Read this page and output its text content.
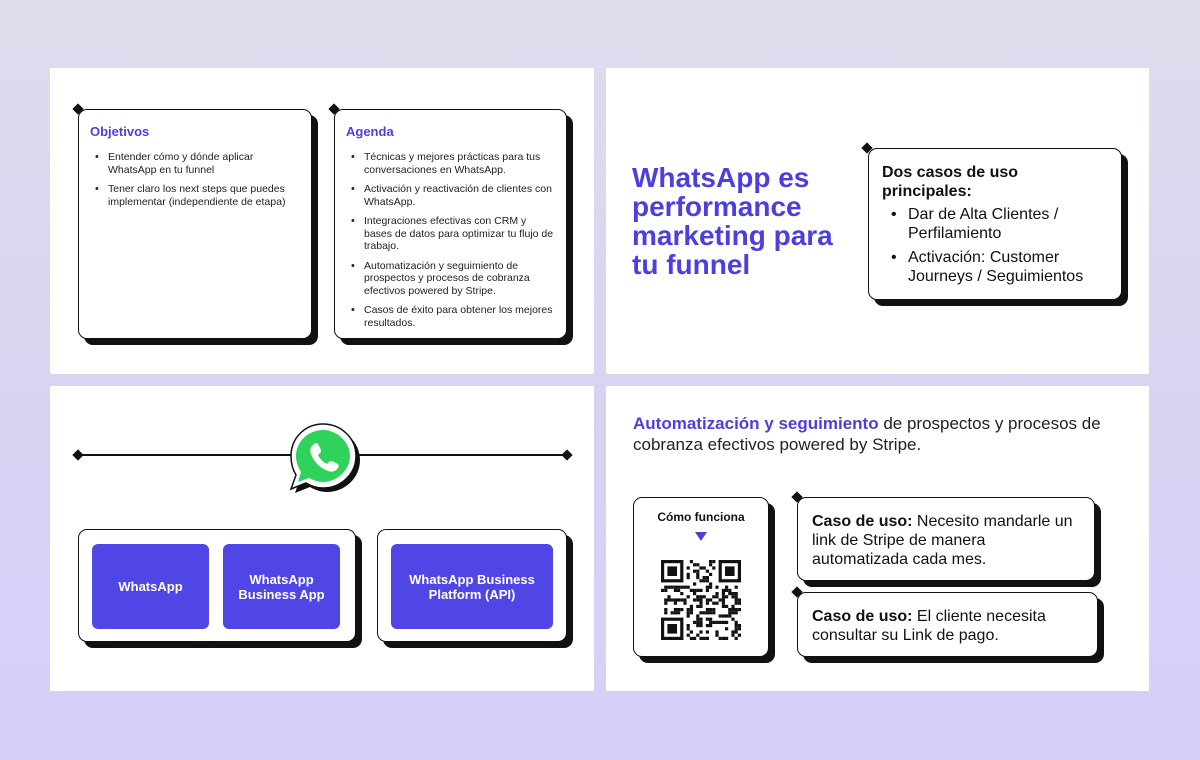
Objetivos
• Entender cómo y dónde aplicar WhatsApp en tu funnel
• Tener claro los next steps que puedes implementar (independiente de etapa)
Agenda
• Técnicas y mejores prácticas para tus conversaciones en WhatsApp.
• Activación y reactivación de clientes con WhatsApp.
• Integraciones efectivas con CRM y bases de datos para optimizar tu flujo de trabajo.
• Automatización y seguimiento de prospectos y procesos de cobranza efectivos powered by Stripe.
• Casos de éxito para obtener los mejores resultados.
WhatsApp es performance marketing para tu funnel
Dos casos de uso principales:
• Dar de Alta Clientes / Perfilamiento
• Activación: Customer Journeys / Seguimientos
WhatsApp	WhatsApp Business App
WhatsApp Business Platform (API)
Automatización y seguimiento de prospectos y procesos de cobranza efectivos powered by Stripe.
Cómo funciona	Caso de uso: Necesito mandarle un link de Stripe de manera automatizada cada mes.
Caso de uso: El cliente necesita consultar su Link de pago.
